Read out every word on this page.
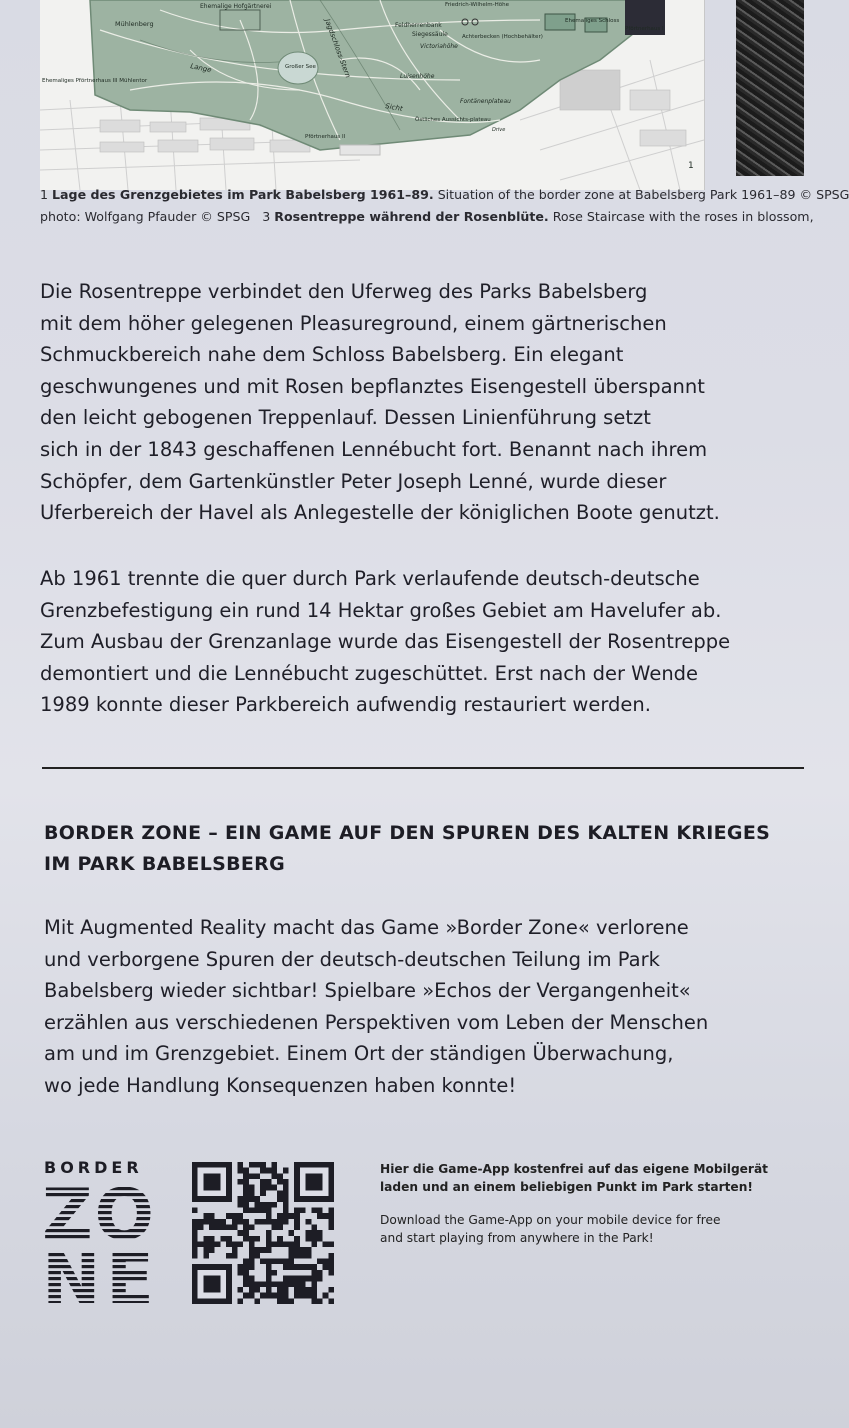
Mühlenberg
Ehemalige Hofgärtnerei
Lange	Jagdschloss-Stern
Großer See
Ehemaliges Pförtnerhaus III Mühlentor
Feldherrenbank
Siegessäule
Victoriahöhe
Friedrich-Wilhelm-Höhe
Achterbecken (Hochbehälter)
Luisenhöhe
Sicht
Fontänenplateau
Östliches Aussichts-plateau
Drive
Ehemaliges Schloss
Pförtnerhaus I
Pförtnerhaus II
1
1 Lage des Grenzgebietes im Park Babelsberg 1961–89. Situation of the border zone at Babelsberg Park 1961–89 © SPSG
photo: Wolfgang Pfauder © SPSG 3 Rosentreppe während der Rosenblüte. Rose Staircase with the roses in blossom,
Die Rosentreppe verbindet den Uferweg des Parks Babelsberg
mit dem höher gelegenen Pleasureground, einem gärtnerischen
Schmuckbereich nahe dem Schloss Babelsberg. Ein elegant
geschwungenes und mit Rosen bepflanztes Eisengestell überspannt
den leicht gebogenen Treppenlauf. Dessen Linienführung setzt
sich in der 1843 geschaffenen Lennébucht fort. Benannt nach ihrem
Schöpfer, dem Gartenkünstler Peter Joseph Lenné, wurde dieser
Uferbereich der Havel als Anlegestelle der königlichen Boote genutzt.
Ab 1961 trennte die quer durch Park verlaufende deutsch-deutsche
Grenzbefestigung ein rund 14 Hektar großes Gebiet am Havelufer ab.
Zum Ausbau der Grenzanlage wurde das Eisengestell der Rosentreppe
demontiert und die Lennébucht zugeschüttet. Erst nach der Wende
1989 konnte dieser Parkbereich aufwendig restauriert werden.
BORDER ZONE – EIN GAME AUF DEN SPUREN DES KALTEN KRIEGES
IM PARK BABELSBERG
Mit Augmented Reality macht das Game »Border Zone« verlorene
und verborgene Spuren der deutsch-deutschen Teilung im Park
Babelsberg wieder sichtbar! Spielbare »Echos der Vergangenheit«
erzählen aus verschiedenen Perspektiven vom Leben der Menschen
am und im Grenzgebiet. Einem Ort der ständigen Überwachung,
wo jede Handlung Konsequenzen haben konnte!
BORDER
ZO
NE
Hier die Game-App kostenfrei auf das eigene Mobilgerät
laden und an einem beliebigen Punkt im Park starten!
Download the Game-App on your mobile device for free
and start playing from anywhere in the Park!
